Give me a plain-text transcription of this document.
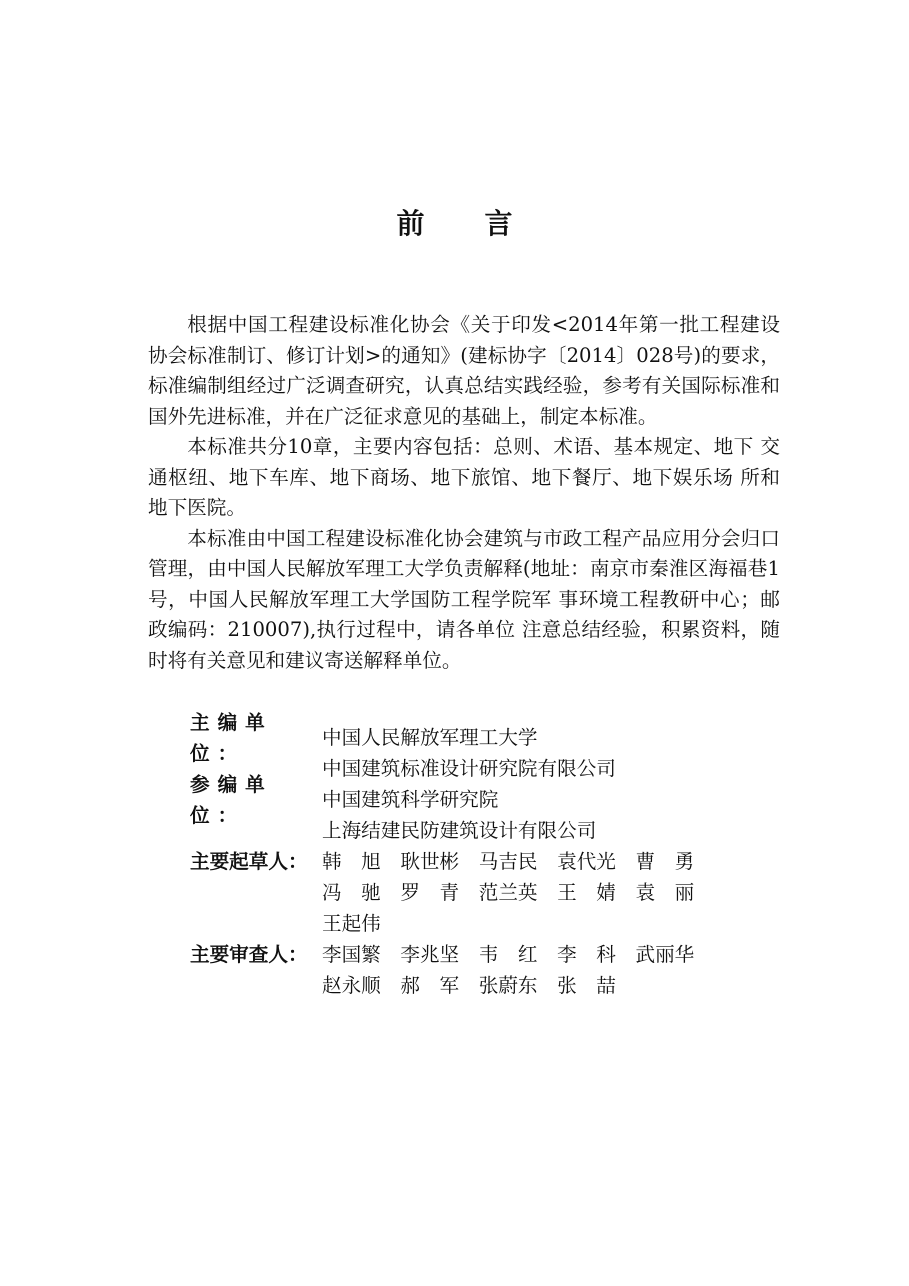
前言

根据中国工程建设标准化协会《关于印发<2014年第一批工程建设协会标准制订、修订计划>的通知》(建标协字〔2014〕028号)的要求，标准编制组经过广泛调查研究，认真总结实践经验，参考有关国际标准和国外先进标准，并在广泛征求意见的基础上，制定本标准。

本标准共分10章，主要内容包括：总则、术语、基本规定、地下 交通枢纽、地下车库、地下商场、地下旅馆、地下餐厅、地下娱乐场 所和地下医院。

本标准由中国工程建设标准化协会建筑与市政工程产品应用分会归口管理，由中国人民解放军理工大学负责解释(地址：南京市秦淮区海福巷1号，中国人民解放军理工大学国防工程学院军 事环境工程教研中心；邮政编码：210007),执行过程中，请各单位 注意总结经验，积累资料，随时将有关意见和建议寄送解释单位。

主编单位：
中国人民解放军理工大学
中国建筑标准设计研究院有限公司
参编单位：
中国建筑科学研究院
上海结建民防建筑设计有限公司
主要起草人： 韩　旭　耿世彬　马吉民　袁代光　曹　勇
冯　驰　罗　青　范兰英　王　婧　袁　丽
王起伟
主要审查人： 李国繁　李兆坚　韦　红　李　科　武丽华
赵永顺　郝　军　张蔚东　张　喆
